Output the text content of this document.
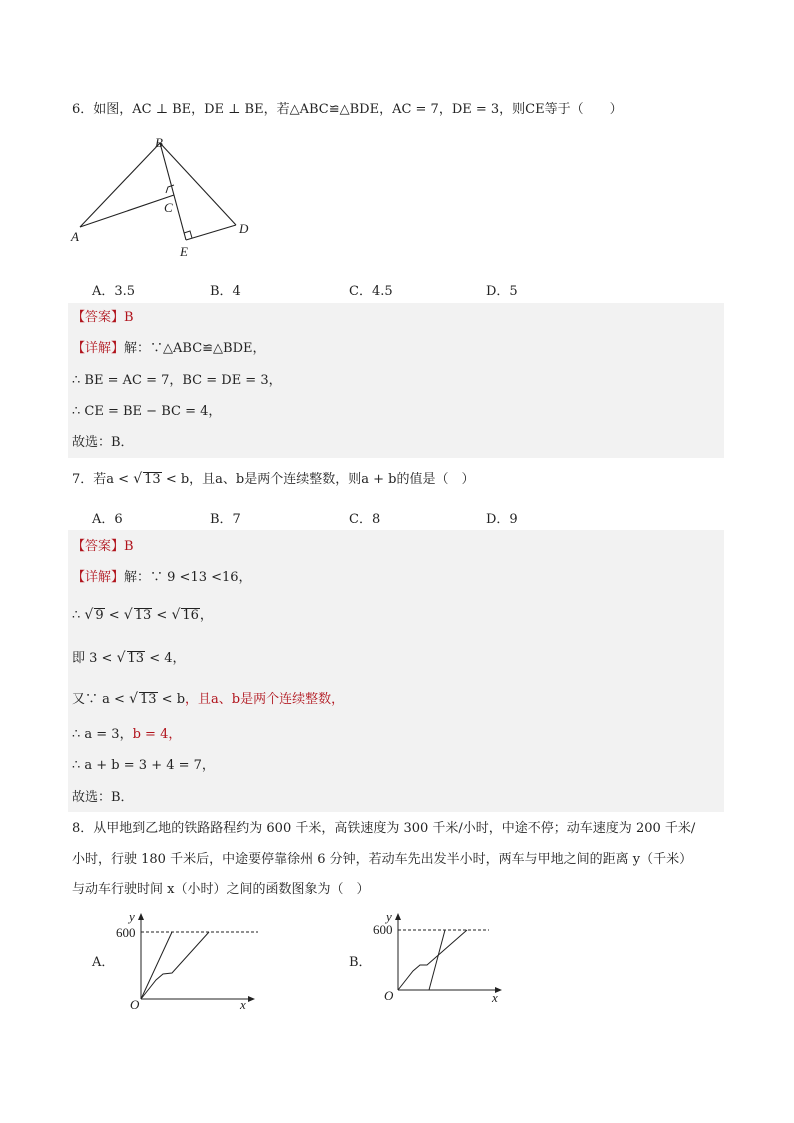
6．如图，AC ⊥ BE，DE ⊥ BE，若△ABC≌△BDE，AC = 7，DE = 3，则CE等于（　　）
B
C
A
E
D
A．3.5	B．4	C．4.5	D．5
【答案】B
【详解】解：∵△ABC≌△BDE，
∴ BE = AC = 7，BC = DE = 3，
∴ CE = BE − BC = 4，
故选：B．
7．若a < √ 13 < b，且a、b是两个连续整数，则a + b的值是（　）
A．6	B．7	C．8	D．9
【答案】B
【详解】解：∵ 9 <13 <16，
∴ √ 9 < √ 13 < √ 16，
即 3 < √ 13 < 4，
又∵ a < √ 13 < b，且a、b是两个连续整数，
∴ a = 3，b = 4，
∴ a + b = 3 + 4 = 7，
故选：B．
8．从甲地到乙地的铁路路程约为 600 千米，高铁速度为 300 千米/小时，中途不停；动车速度为 200 千米/
小时，行驶 180 千米后，中途要停靠徐州 6 分钟，若动车先出发半小时，两车与甲地之间的距离 y（千米）
与动车行驶时间 x（小时）之间的函数图象为（　）
A．
600
y
x
O
B．
600
y
x
O
